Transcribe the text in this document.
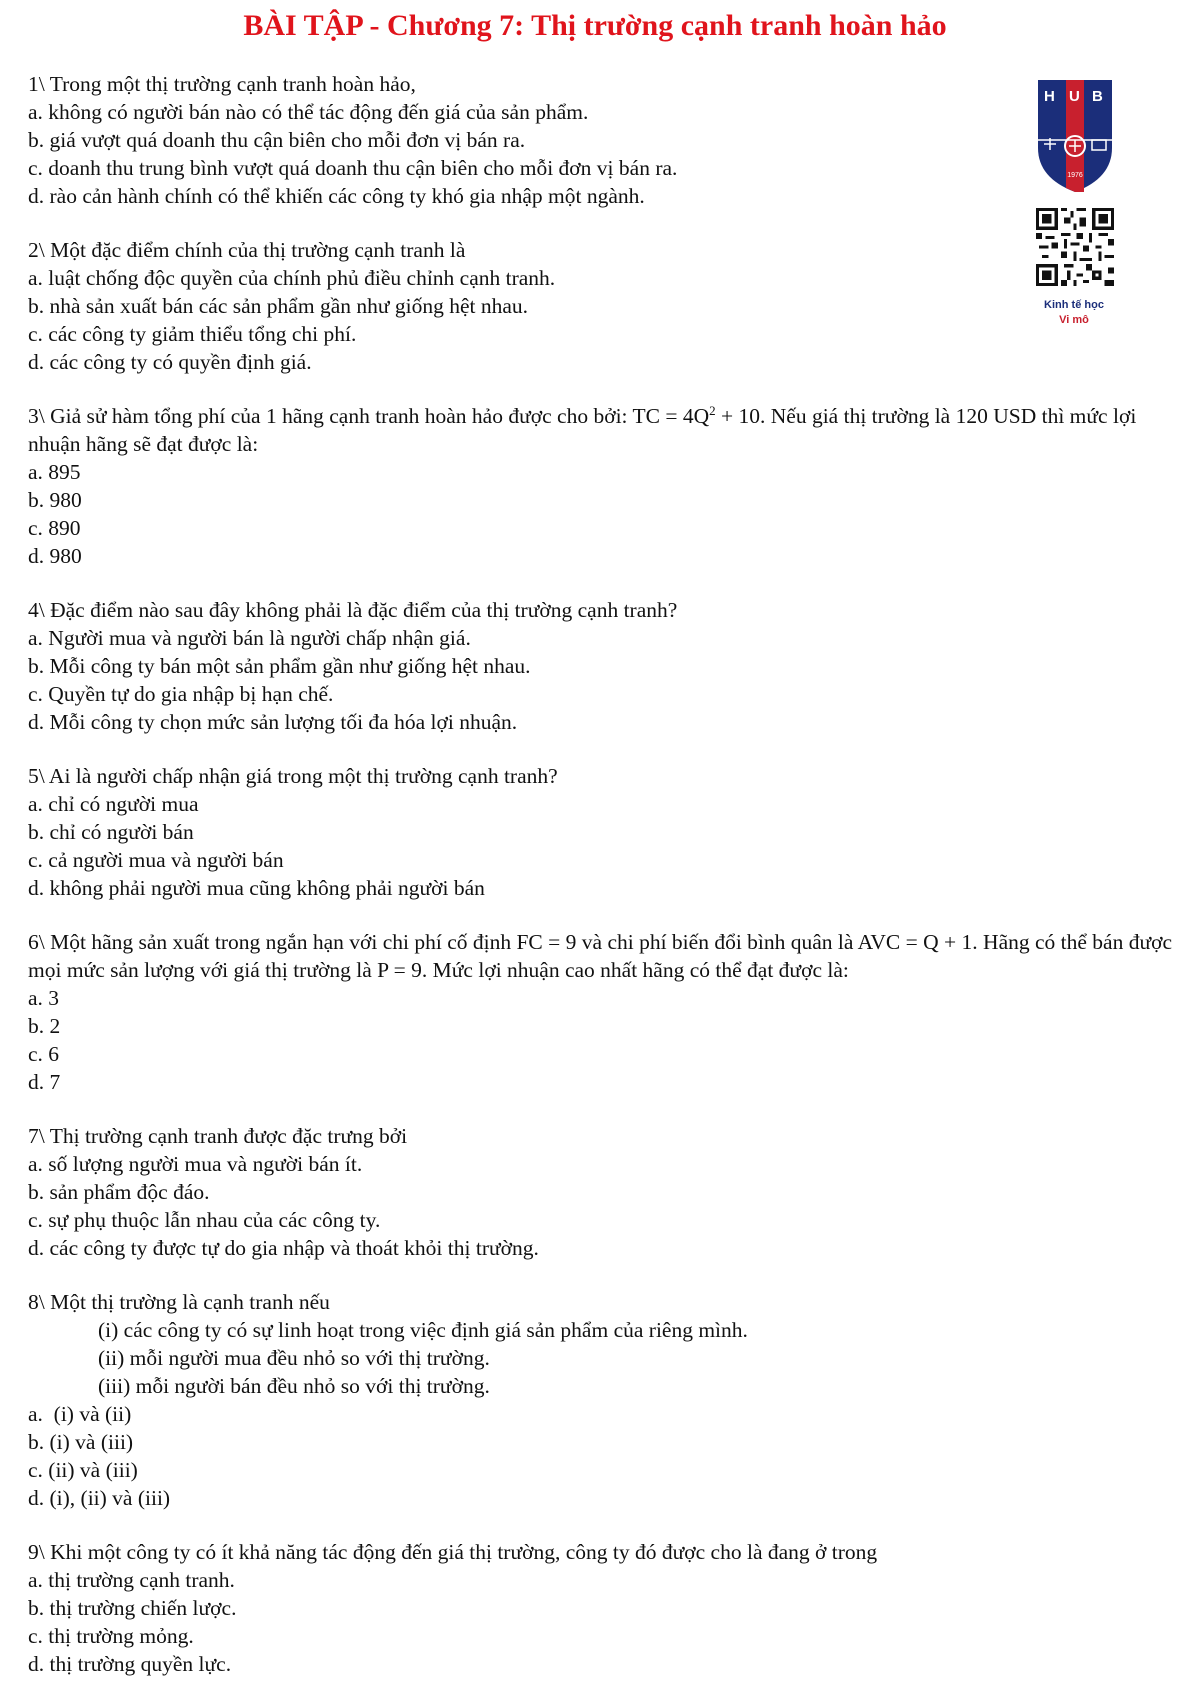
BÀI TẬP - Chương 7: Thị trường cạnh tranh hoàn hảo
H U B
1976
Kinh tế học
Vi mô
1\ Trong một thị trường cạnh tranh hoàn hảo,
a. không có người bán nào có thể tác động đến giá của sản phẩm.
b. giá vượt quá doanh thu cận biên cho mỗi đơn vị bán ra.
c. doanh thu trung bình vượt quá doanh thu cận biên cho mỗi đơn vị bán ra.
d. rào cản hành chính có thể khiến các công ty khó gia nhập một ngành.
2\ Một đặc điểm chính của thị trường cạnh tranh là
a. luật chống độc quyền của chính phủ điều chỉnh cạnh tranh.
b. nhà sản xuất bán các sản phẩm gần như giống hệt nhau.
c. các công ty giảm thiểu tổng chi phí.
d. các công ty có quyền định giá.
3\ Giả sử hàm tổng phí của 1 hãng cạnh tranh hoàn hảo được cho bởi: TC = $4Q^2 + 10$. Nếu giá thị trường là 120 USD thì mức lợi nhuận hãng sẽ đạt được là:
a. 895
b. 980
c. 890
d. 980
4\ Đặc điểm nào sau đây không phải là đặc điểm của thị trường cạnh tranh?
a. Người mua và người bán là người chấp nhận giá.
b. Mỗi công ty bán một sản phẩm gần như giống hệt nhau.
c. Quyền tự do gia nhập bị hạn chế.
d. Mỗi công ty chọn mức sản lượng tối đa hóa lợi nhuận.
5\ Ai là người chấp nhận giá trong một thị trường cạnh tranh?
a. chỉ có người mua
b. chỉ có người bán
c. cả người mua và người bán
d. không phải người mua cũng không phải người bán
6\ Một hãng sản xuất trong ngắn hạn với chi phí cố định FC = 9 và chi phí biến đổi bình quân là AVC = Q + 1. Hãng có thể bán được mọi mức sản lượng với giá thị trường là P = 9. Mức lợi nhuận cao nhất hãng có thể đạt được là:
a. 3
b. 2
c. 6
d. 7
7\ Thị trường cạnh tranh được đặc trưng bởi
a. số lượng người mua và người bán ít.
b. sản phẩm độc đáo.
c. sự phụ thuộc lẫn nhau của các công ty.
d. các công ty được tự do gia nhập và thoát khỏi thị trường.
8\ Một thị trường là cạnh tranh nếu
(i) các công ty có sự linh hoạt trong việc định giá sản phẩm của riêng mình.
(ii) mỗi người mua đều nhỏ so với thị trường.
(iii) mỗi người bán đều nhỏ so với thị trường.
a.  (i) và (ii)
b. (i) và (iii)
c. (ii) và (iii)
d. (i), (ii) và (iii)
9\ Khi một công ty có ít khả năng tác động đến giá thị trường, công ty đó được cho là đang ở trong
a. thị trường cạnh tranh.
b. thị trường chiến lược.
c. thị trường mỏng.
d. thị trường quyền lực.
